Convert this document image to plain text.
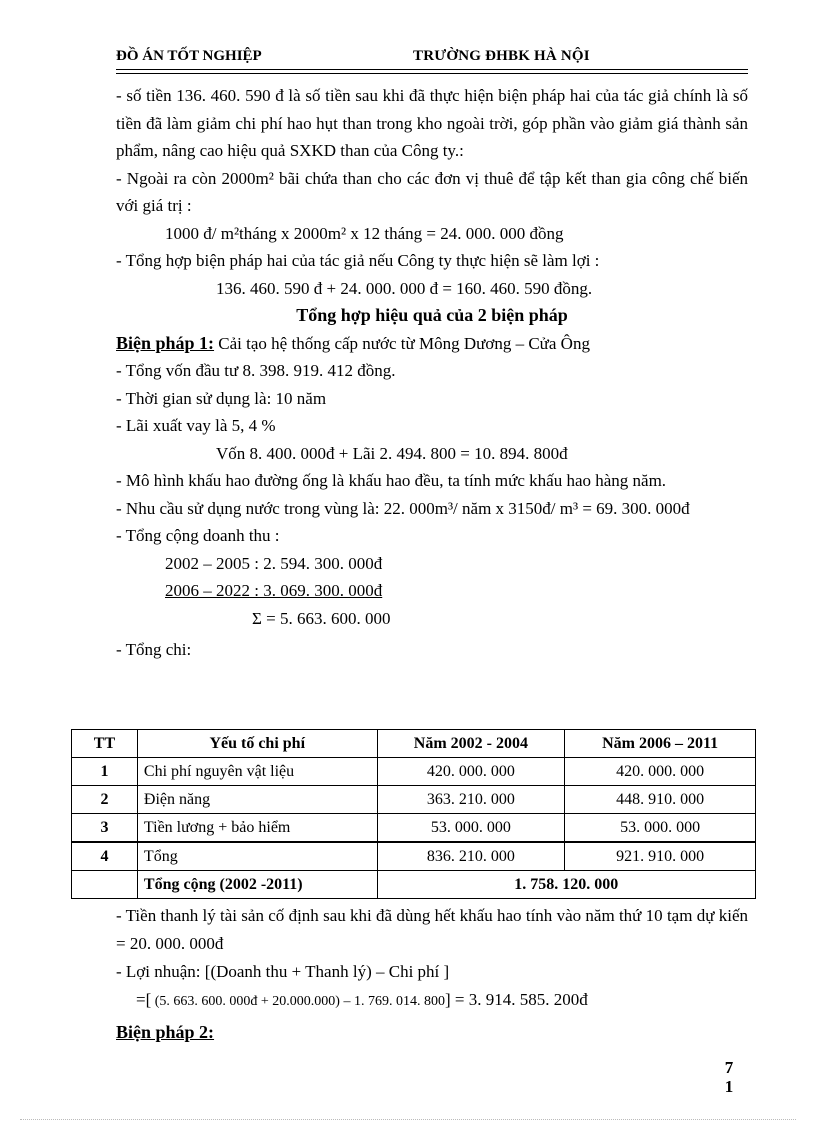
ĐỒ ÁN TỐT NGHIỆP	TRƯỜNG ĐHBK HÀ NỘI

- số tiền 136. 460. 590 đ là số tiền sau khi đã thực hiện biện pháp hai của tác giả chính là số tiền đã làm giảm chi phí hao hụt than trong kho ngoài trời, góp phần vào giảm giá thành sản phẩm, nâng cao hiệu quả SXKD than của Công ty.:

- Ngoài ra còn 2000m² bãi chứa than cho các đơn vị thuê để tập kết than gia công chế biến với giá trị :

1000 đ/ m²tháng x 2000m² x 12 tháng = 24. 000. 000 đồng

- Tổng hợp biện pháp hai của tác giả nếu Công ty thực hiện sẽ làm lợi :

136. 460. 590 đ + 24. 000. 000 đ = 160. 460. 590 đồng.

Tổng hợp hiệu quả của 2 biện pháp

Biện pháp 1: Cải tạo hệ thống cấp nước từ Mông Dương – Cửa Ông

- Tổng vốn đầu tư 8. 398. 919. 412 đồng.

- Thời gian sử dụng là: 10 năm

- Lãi xuất vay là 5, 4 %

Vốn 8. 400. 000đ + Lãi 2. 494. 800 = 10. 894. 800đ

- Mô hình khấu hao đường ống là khấu hao đều, ta tính mức khấu hao hàng năm.

- Nhu cầu sử dụng nước trong vùng là: 22. 000m³/ năm x 3150đ/ m³ = 69. 300. 000đ

- Tổng cộng doanh thu :

2002 – 2005 : 2. 594. 300. 000đ

2006 – 2022 : 3. 069. 300. 000đ

Σ = 5. 663. 600. 000

- Tổng chi:

TT	Yếu tố chi phí	Năm 2002 - 2004	Năm 2006 – 2011
1	Chi phí nguyên vật liệu	420. 000. 000	420. 000. 000
2	Điện năng	363. 210. 000	448. 910. 000
3	Tiền lương + bảo hiểm	53. 000. 000	53. 000. 000
4	Tổng	836. 210. 000	921. 910. 000
	Tổng cộng (2002 -2011)	1. 758. 120. 000	

- Tiền thanh lý tài sản cố định sau khi đã dùng hết khấu hao tính vào năm thứ 10 tạm dự kiến = 20. 000. 000đ

- Lợi nhuận: [(Doanh thu + Thanh lý) – Chi phí ]

=[ (5. 663. 600. 000đ + 20.000.000) – 1. 769. 014. 800] = 3. 914. 585. 200đ

Biện pháp 2:

7
1
